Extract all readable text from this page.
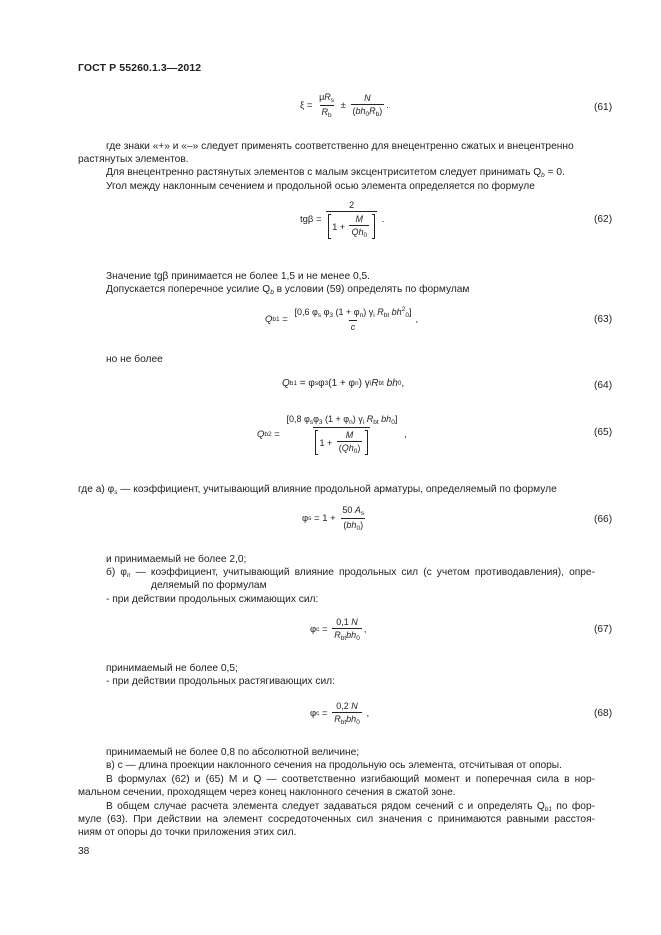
ГОСТ Р 55260.1.3—2012
$\xi = \frac{\mu R_s}{R_b} \pm \frac{N}{(bh_0R_b)}$ .	(61)
где знаки «+» и «–» следует применять соответственно для внецентренно сжатых и внецентренно
растянутых элементов.
Для внецентренно растянутых элементов с малым эксцентриситетом следует принимать $Q_b = 0$.
Угол между наклонным сечением и продольной осью элемента определяется по формуле
$tg\beta = \frac{2}{1 + \frac{M}{Qh_0}}$ .	(62)
Значение tgβ принимается не более 1,5 и не менее 0,5.
Допускается поперечное усилие $Q_b$ в условии (59) определять по формулам
Q $b1 = \frac{[0,6 \varphi_s \varphi_3 (1 + \varphi_n) \gamma_i R_{bt} bh^2_0]}{c}$ ,	(63)
но не более
Q b1 = φ s φ 3 (1 + φ n ) γ i R bt
bh 0 ,	(64)
Q $b2 = \frac{[0,8 \varphi_s\varphi_3 (1 + \varphi_n) \gamma_i R_{bt} bh_0]}{1 + \frac{M}{(Qh_0)}}$ ,	(65)
где а) $\varphi_s$ — коэффициент, учитывающий влияние продольной арматуры, определяемый по формуле
φ $s = 1 + \frac{50 A_s}{(bh_0)}$	(66)
и принимаемый не более 2,0;
б) $\varphi_n$ — коэффициент, учитывающий влияние продольных сил (с учетом противодавления), опре-
деляемый по формулам
- при действии продольных сжимающих сил:
φ $c = \frac{0,1 N}{R_{bt}bh_0}$ ,	(67)
принимаемый не более 0,5;
- при действии продольных растягивающих сил:
φ $c = \frac{0,2 N}{R_{bt}bh_0}$ ,	(68)
принимаемый не более 0,8 по абсолютной величине;
в) c — длина проекции наклонного сечения на продольную ось элемента, отсчитывая от опоры.
В формулах (62) и (65) M и Q — соответственно изгибающий момент и поперечная сила в нор-
мальном сечении, проходящем через конец наклонного сечения в сжатой зоне.
В общем случае расчета элемента следует задаваться рядом сечений c и определять $Q_{b1}$ по фор-
муле (63). При действии на элемент сосредоточенных сил значения c принимаются равными расстоя-
ниям от опоры до точки приложения этих сил.
38
